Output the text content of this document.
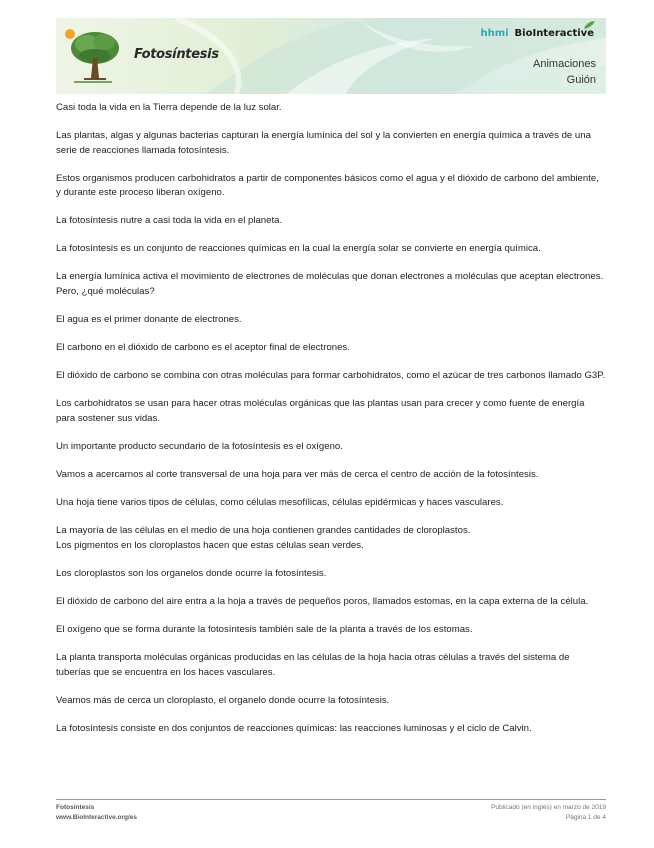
Fotosíntesis
hhmi BioInteractive
Animaciones
Guión

Casi toda la vida en la Tierra depende de la luz solar.

Las plantas, algas y algunas bacterias capturan la energía lumínica del sol y la convierten en energía química a través de una serie de reacciones llamada fotosíntesis.

Estos organismos producen carbohidratos a partir de componentes básicos como el agua y el dióxido de carbono del ambiente, y durante este proceso liberan oxígeno.

La fotosíntesis nutre a casi toda la vida en el planeta.

La fotosíntesis es un conjunto de reacciones químicas en la cual la energía solar se convierte en energía química.

La energía lumínica activa el movimiento de electrones de moléculas que donan electrones a moléculas que aceptan electrones. Pero, ¿qué moléculas?

El agua es el primer donante de electrones.

El carbono en el dióxido de carbono es el aceptor final de electrones.

El dióxido de carbono se combina con otras moléculas para formar carbohidratos, como el azúcar de tres carbonos llamado G3P.

Los carbohidratos se usan para hacer otras moléculas orgánicas que las plantas usan para crecer y como fuente de energía para sostener sus vidas.

Un importante producto secundario de la fotosíntesis es el oxígeno.

Vamos a acercarnos al corte transversal de una hoja para ver más de cerca el centro de acción de la fotosíntesis.

Una hoja tiene varios tipos de células, como células mesofílicas, células epidérmicas y haces vasculares.

La mayoría de las células en el medio de una hoja contienen grandes cantidades de cloroplastos.
Los pigmentos en los cloroplastos hacen que estas células sean verdes.

Los cloroplastos son los organelos donde ocurre la fotosíntesis.

El dióxido de carbono del aire entra a la hoja a través de pequeños poros, llamados estomas, en la capa externa de la célula.

El oxígeno que se forma durante la fotosíntesis también sale de la planta a través de los estomas.

La planta transporta moléculas orgánicas producidas en las células de la hoja hacia otras células a través del sistema de tuberías que se encuentra en los haces vasculares.

Veamos más de cerca un cloroplasto, el organelo donde ocurre la fotosíntesis.

La fotosíntesis consiste en dos conjuntos de reacciones químicas: las reacciones luminosas y el ciclo de Calvin.

Fotosíntesis
www.BioInteractive.org/es
Publicado (en inglés) en marzo de 2019
Página 1 de 4
